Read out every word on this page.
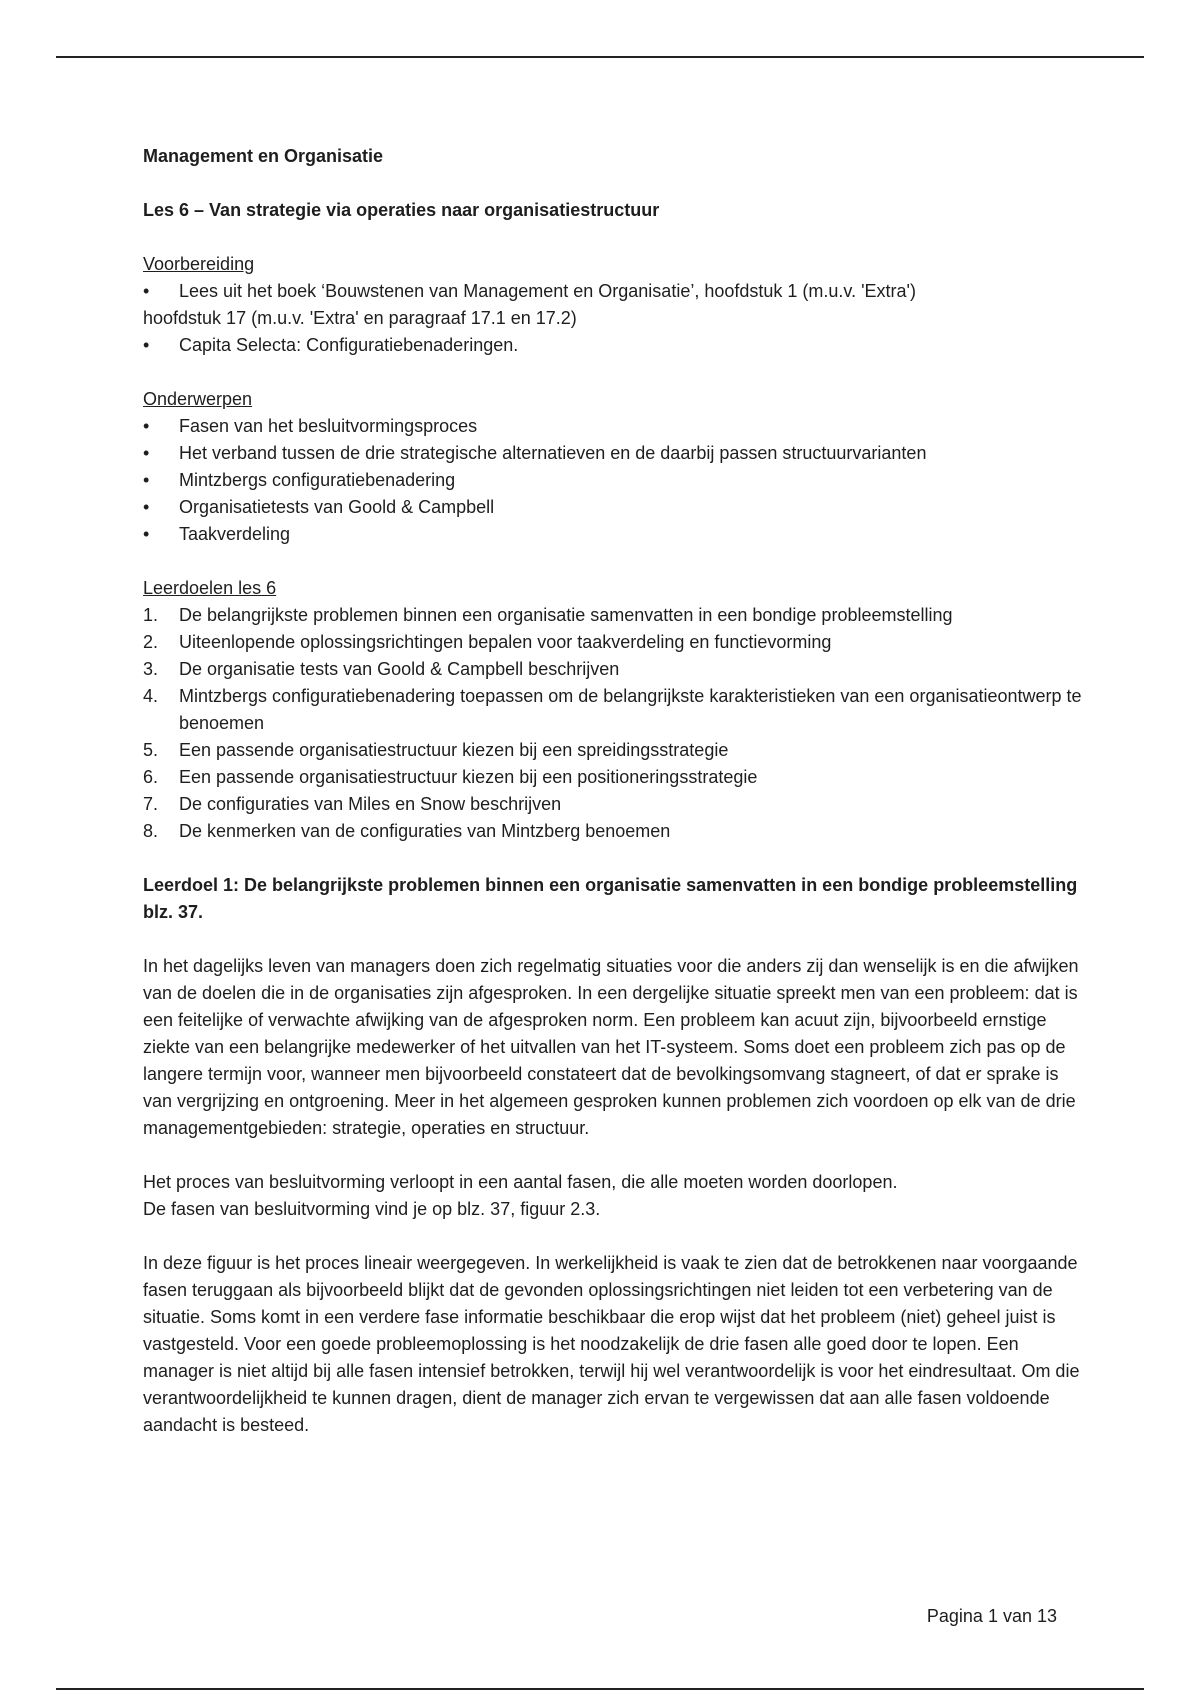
Management en Organisatie

Les 6 – Van strategie via operaties naar organisatiestructuur

Voorbereiding

•	Lees uit het boek ‘Bouwstenen van Management en Organisatie’, hoofdstuk 1 (m.u.v. 'Extra')

hoofdstuk 17 (m.u.v. 'Extra' en paragraaf 17.1 en 17.2)

•	Capita Selecta: Configuratiebenaderingen.

Onderwerpen

•	Fasen van het besluitvormingsproces
•	Het verband tussen de drie strategische alternatieven en de daarbij passen structuurvarianten
•	Mintzbergs configuratiebenadering
•	Organisatietests van Goold & Campbell
•	Taakverdeling

Leerdoelen les 6

1. De belangrijkste problemen binnen een organisatie samenvatten in een bondige probleemstelling
2. Uiteenlopende oplossingsrichtingen bepalen voor taakverdeling en functievorming
3. De organisatie tests van Goold & Campbell beschrijven
4. Mintzbergs configuratiebenadering toepassen om de belangrijkste karakteristieken van een organisatieontwerp te benoemen
5. Een passende organisatiestructuur kiezen bij een spreidingsstrategie
6. Een passende organisatiestructuur kiezen bij een positioneringsstrategie
7. De configuraties van Miles en Snow beschrijven
8. De kenmerken van de configuraties van Mintzberg benoemen

Leerdoel 1: De belangrijkste problemen binnen een organisatie samenvatten in een bondige probleemstelling blz. 37.

In het dagelijks leven van managers doen zich regelmatig situaties voor die anders zij dan wenselijk is en die afwijken van de doelen die in de organisaties zijn afgesproken. In een dergelijke situatie spreekt men van een probleem: dat is een feitelijke of verwachte afwijking van de afgesproken norm. Een probleem kan acuut zijn, bijvoorbeeld ernstige ziekte van een belangrijke medewerker of het uitvallen van het IT-systeem. Soms doet een probleem zich pas op de langere termijn voor, wanneer men bijvoorbeeld constateert dat de bevolkingsomvang stagneert, of dat er sprake is van vergrijzing en ontgroening. Meer in het algemeen gesproken kunnen problemen zich voordoen op elk van de drie managementgebieden: strategie, operaties en structuur.

Het proces van besluitvorming verloopt in een aantal fasen, die alle moeten worden doorlopen.

De fasen van besluitvorming vind je op blz. 37, figuur 2.3.

In deze figuur is het proces lineair weergegeven. In werkelijkheid is vaak te zien dat de betrokkenen naar voorgaande fasen teruggaan als bijvoorbeeld blijkt dat de gevonden oplossingsrichtingen niet leiden tot een verbetering van de situatie. Soms komt in een verdere fase informatie beschikbaar die erop wijst dat het probleem (niet) geheel juist is vastgesteld. Voor een goede probleemoplossing is het noodzakelijk de drie fasen alle goed door te lopen. Een manager is niet altijd bij alle fasen intensief betrokken, terwijl hij wel verantwoordelijk is voor het eindresultaat. Om die verantwoordelijkheid te kunnen dragen, dient de manager zich ervan te vergewissen dat aan alle fasen voldoende aandacht is besteed.

Pagina 1 van 13
